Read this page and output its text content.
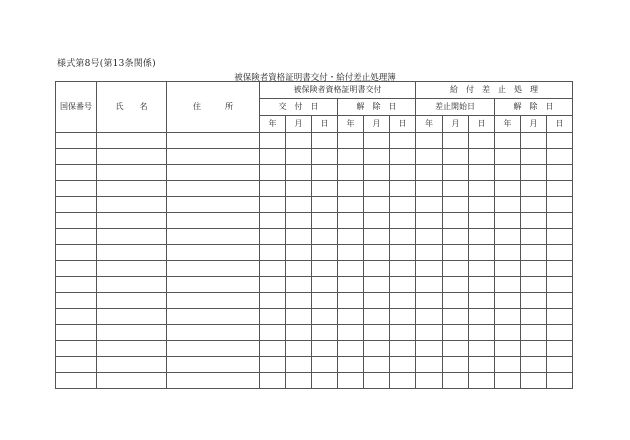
様式第8号(第13条関係)
被保険者資格証明書交付・給付差止処理簿
国保番号	氏　　名	住　　　所	被保険者資格証明書交付						給　付　差　止　処　理					
			交　付　日			解　除　日			差止開始日			解　除　日		
			年	月	日	年	月	日	年	月	日	年	月	日
